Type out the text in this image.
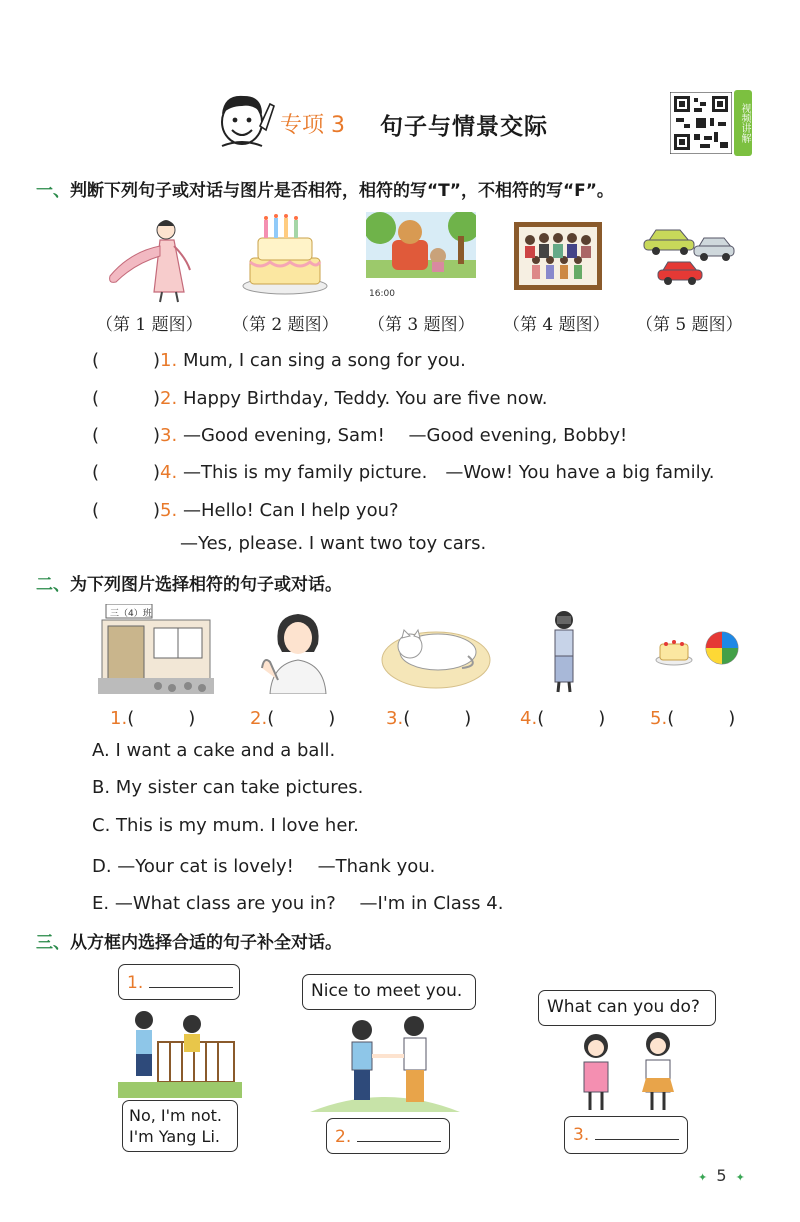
专项 3 句子与情景交际	视频讲解
一、判断下列句子或对话与图片是否相符，相符的写“T”，不相符的写“F”。
16:00
（第 1 题图） （第 2 题图） （第 3 题图） （第 4 题图） （第 5 题图）
(　　　)1. Mum, I can sing a song for you.
(　　　)2. Happy Birthday, Teddy. You are five now.
(　　　)3. —Good evening, Sam!　 —Good evening, Bobby!
(　　　)4. —This is my family picture.　—Wow! You have a big family.
(　　　)5. —Hello! Can I help you?
—Yes, please. I want two toy cars.
二、为下列图片选择相符的句子或对话。
三（4）班
1.(　　　)	2.(　　　)	3.(　　　)	4.(　　　) 5.(　　　)
A. I want a cake and a ball.
B. My sister can take pictures.
C. This is my mum. I love her.
D. —Your cat is lovely!　 —Thank you.
E. —What class are you in?　 —I'm in Class 4.
三、从方框内选择合适的句子补全对话。
1.
No, I'm not.
I'm Yang Li.
Nice to meet you.
2.
What can you do?
3.
✦ 5 ✦
